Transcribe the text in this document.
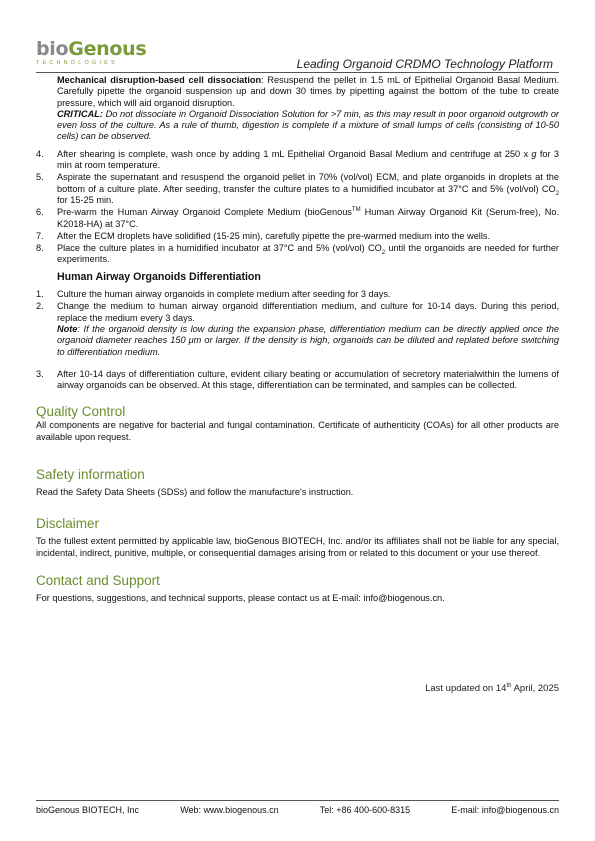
bioGenous
TECHNOLOGIES	Leading Organoid CRDMO Technology Platform
Mechanical disruption-based cell dissociation: Resuspend the pellet in 1.5 mL of Epithelial Organoid Basal Medium. Carefully pipette the organoid suspension up and down 30 times by pipetting against the bottom of the tube to create pressure, which will aid organoid disruption.
CRITICAL: Do not dissociate in Organoid Dissociation Solution for >7 min, as this may result in poor organoid outgrowth or even loss of the culture. As a rule of thumb, digestion is complete if a mixture of small lumps of cells (consisting of 10-50 cells) can be observed.
4. After shearing is complete, wash once by adding 1 mL Epithelial Organoid Basal Medium and centrifuge at 250 x g for 3 min at room temperature.
5. Aspirate the supernatant and resuspend the organoid pellet in 70% (vol/vol) ECM, and plate organoids in droplets at the bottom of a culture plate. After seeding, transfer the culture plates to a humidified incubator at 37°C and 5% (vol/vol) $CO_2$ for 15-25 min.
6. Pre-warm the Human Airway Organoid Complete Medium (bioGenous™ Human Airway Organoid Kit (Serum-free), No. K2018-HA) at 37°C.
7. After the ECM droplets have solidified (15-25 min), carefully pipette the pre-warmed medium into the wells.
8. Place the culture plates in a humidified incubator at 37°C and 5% (vol/vol) $CO_2$ until the organoids are needed for further experiments.
Human Airway Organoids Differentiation
1. Culture the human airway organoids in complete medium after seeding for 3 days.
2. Change the medium to human airway organoid differentiation medium, and culture for 10-14 days. During this period, replace the medium every 3 days.
Note: If the organoid density is low during the expansion phase, differentiation medium can be directly applied once the organoid diameter reaches 150 μm or larger. If the density is high, organoids can be diluted and replated before switching to differentiation medium.
3. After 10-14 days of differentiation culture, evident ciliary beating or accumulation of secretory materialwithin the lumens of airway organoids can be observed. At this stage, differentiation can be terminated, and samples can be collected.
Quality Control
All components are negative for bacterial and fungal contamination. Certificate of authenticity (COAs) for all other products are available upon request.
Safety information
Read the Safety Data Sheets (SDSs) and follow the manufacture's instruction.
Disclaimer
To the fullest extent permitted by applicable law, bioGenous BIOTECH, Inc. and/or its affiliates shall not be liable for any special, incidental, indirect, punitive, multiple, or consequential damages arising from or related to this document or your use thereof.
Contact and Support
For questions, suggestions, and technical supports, please contact us at E-mail: info@biogenous.cn.
Last updated on 14th April, 2025
bioGenous BIOTECH, Inc	Web: www.biogenous.cn	Tel: +86 400-600-8315	E-mail: info@biogenous.cn
